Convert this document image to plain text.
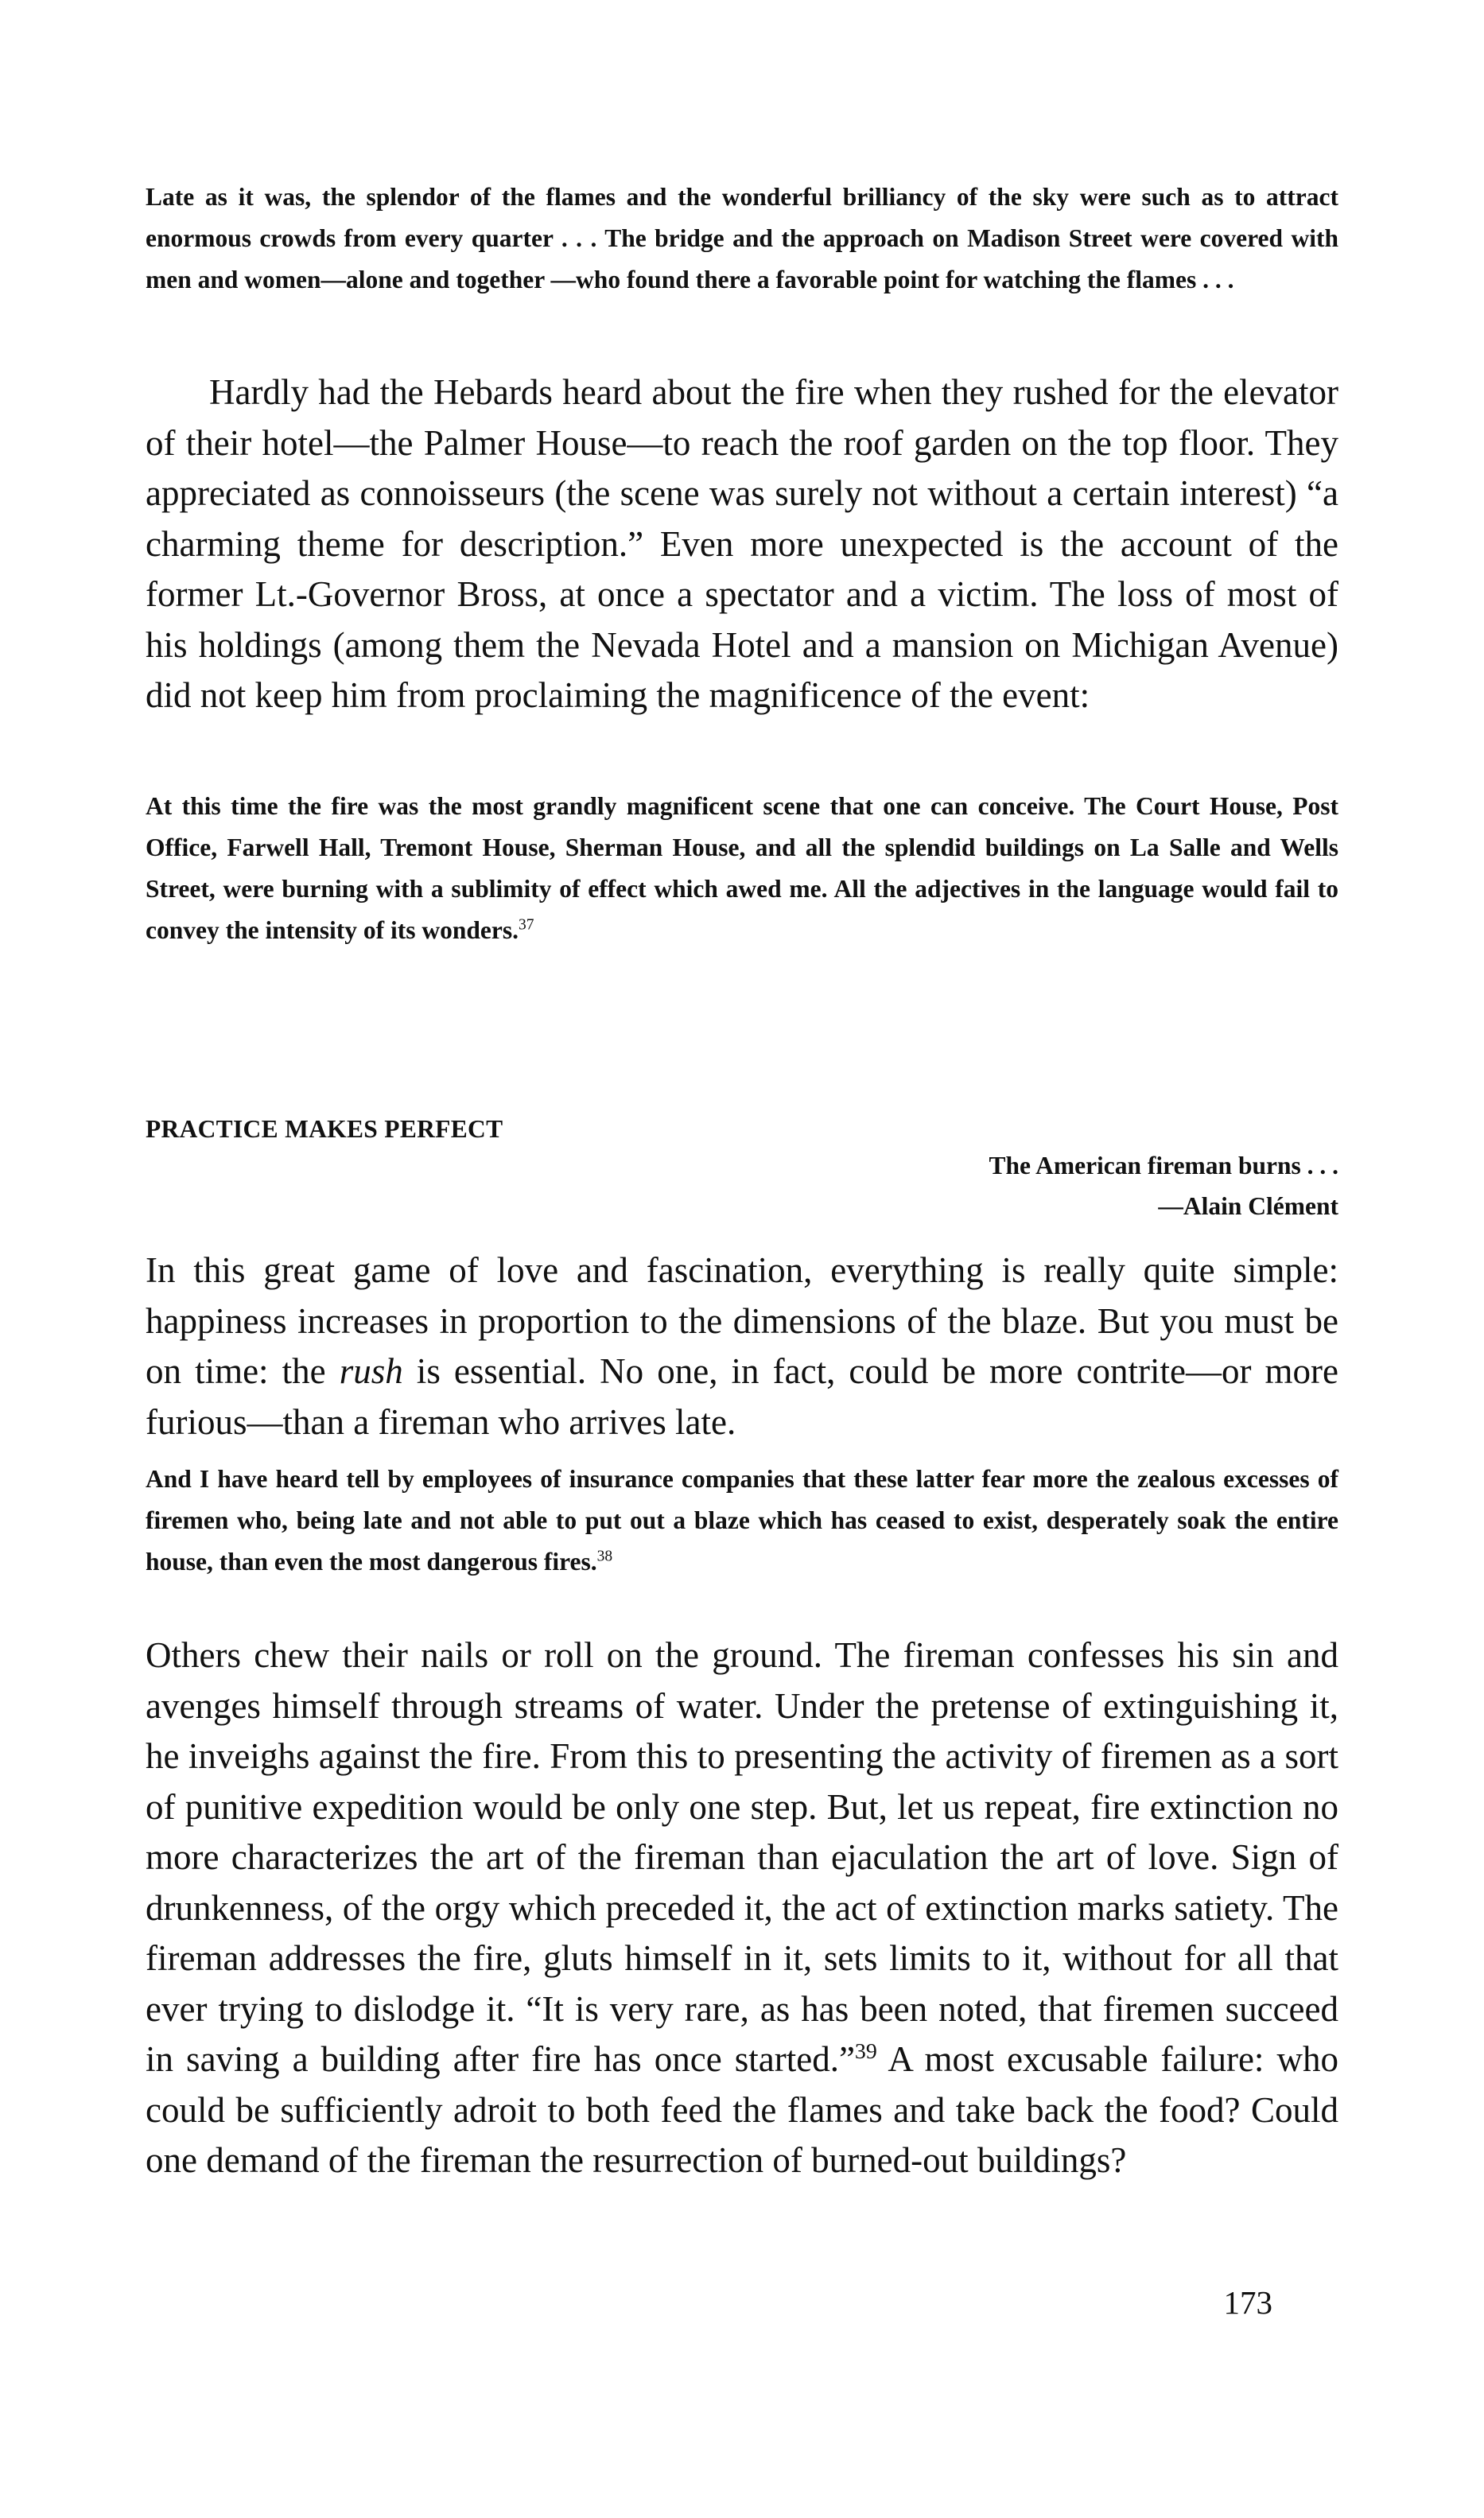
Late as it was, the splendor of the flames and the wonderful brilliancy of the sky were such as to attract enormous crowds from every quarter . . . The bridge and the approach on Madison Street were covered with men and women—alone and together —who found there a favorable point for watching the flames . . .

Hardly had the Hebards heard about the fire when they rushed for the elevator of their hotel—the Palmer House—to reach the roof garden on the top floor. They appreciated as connoisseurs (the scene was surely not without a certain interest) “a charming theme for description.” Even more unexpected is the account of the former Lt.-Governor Bross, at once a spectator and a victim. The loss of most of his holdings (among them the Nevada Hotel and a mansion on Michigan Avenue) did not keep him from proclaiming the magnificence of the event:

At this time the fire was the most grandly magnificent scene that one can conceive. The Court House, Post Office, Farwell Hall, Tremont House, Sherman House, and all the splendid buildings on La Salle and Wells Street, were burning with a sublimity of effect which awed me. All the adjectives in the language would fail to convey the intensity of its wonders.$^{37}$

PRACTICE MAKES PERFECT

The American fireman burns . . .
—Alain Clément

In this great game of love and fascination, everything is really quite simple: happiness increases in proportion to the dimensions of the blaze. But you must be on time: the rush is essential. No one, in fact, could be more contrite—or more furious—than a fireman who arrives late.

And I have heard tell by employees of insurance companies that these latter fear more the zealous excesses of firemen who, being late and not able to put out a blaze which has ceased to exist, desperately soak the entire house, than even the most dangerous fires.$^{38}$

Others chew their nails or roll on the ground. The fireman confesses his sin and avenges himself through streams of water. Under the pretense of extinguishing it, he inveighs against the fire. From this to presenting the activity of firemen as a sort of punitive expedition would be only one step. But, let us repeat, fire extinction no more characterizes the art of the fireman than ejaculation the art of love. Sign of drunkenness, of the orgy which preceded it, the act of extinction marks satiety. The fireman addresses the fire, gluts himself in it, sets limits to it, without for all that ever trying to dislodge it. “It is very rare, as has been noted, that firemen succeed in saving a building after fire has once started.”$^{39}$ A most excusable failure: who could be sufficiently adroit to both feed the flames and take back the food? Could one demand of the fireman the resurrection of burned-out buildings?

173
